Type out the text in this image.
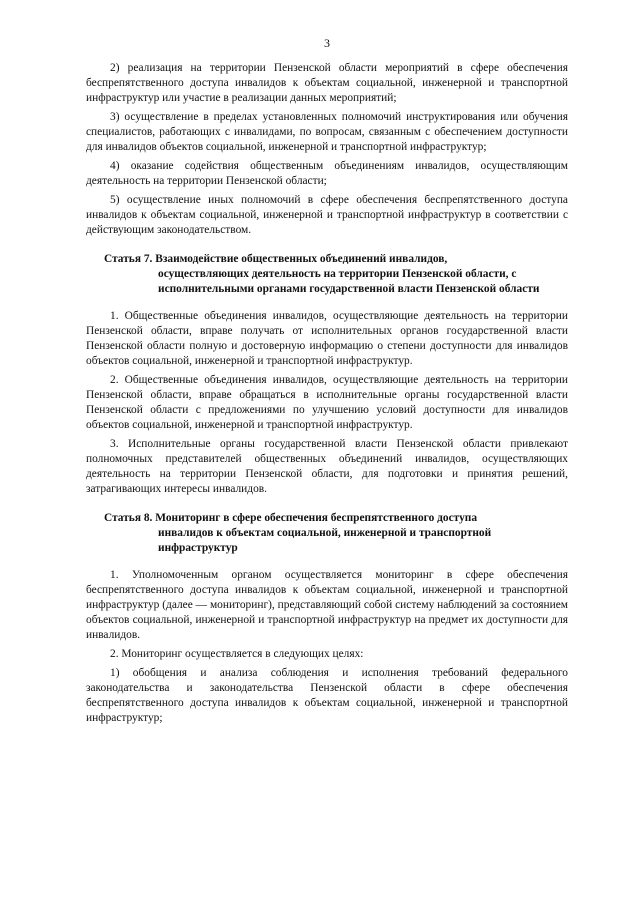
3

2) реализация на территории Пензенской области мероприятий в сфере обеспечения беспрепятственного доступа инвалидов к объектам социальной, инженерной и транспортной инфраструктур или участие в реализации данных мероприятий;

3) осуществление в пределах установленных полномочий инструктирования или обучения специалистов, работающих с инвалидами, по вопросам, связанным с обеспечением доступности для инвалидов объектов социальной, инженерной и транспортной инфраструктур;

4) оказание содействия общественным объединениям инвалидов, осуществляющим деятельность на территории Пензенской области;

5) осуществление иных полномочий в сфере обеспечения беспрепятственного доступа инвалидов к объектам социальной, инженерной и транспортной инфраструктур в соответствии с действующим законодательством.

Статья 7. Взаимодействие общественных объединений инвалидов,
осуществляющих деятельность на территории Пензенской области, с исполнительными органами государственной власти Пензенской области

1. Общественные объединения инвалидов, осуществляющие деятельность на территории Пензенской области, вправе получать от исполнительных органов государственной власти Пензенской области полную и достоверную информацию о степени доступности для инвалидов объектов социальной, инженерной и транспортной инфраструктур.

2. Общественные объединения инвалидов, осуществляющие деятельность на территории Пензенской области, вправе обращаться в исполнительные органы государственной власти Пензенской области с предложениями по улучшению условий доступности для инвалидов объектов социальной, инженерной и транспортной инфраструктур.

3. Исполнительные органы государственной власти Пензенской области привлекают полномочных представителей общественных объединений инвалидов, осуществляющих деятельность на территории Пензенской области, для подготовки и принятия решений, затрагивающих интересы инвалидов.

Статья 8. Мониторинг в сфере обеспечения беспрепятственного доступа
инвалидов к объектам социальной, инженерной и транспортной инфраструктур

1. Уполномоченным органом осуществляется мониторинг в сфере обеспечения беспрепятственного доступа инвалидов к объектам социальной, инженерной и транспортной инфраструктур (далее — мониторинг), представляющий собой систему наблюдений за состоянием объектов социальной, инженерной и транспортной инфраструктур на предмет их доступности для инвалидов.

2. Мониторинг осуществляется в следующих целях:

1) обобщения и анализа соблюдения и исполнения требований федерального законодательства и законодательства Пензенской области в сфере обеспечения беспрепятственного доступа инвалидов к объектам социальной, инженерной и транспортной инфраструктур;
